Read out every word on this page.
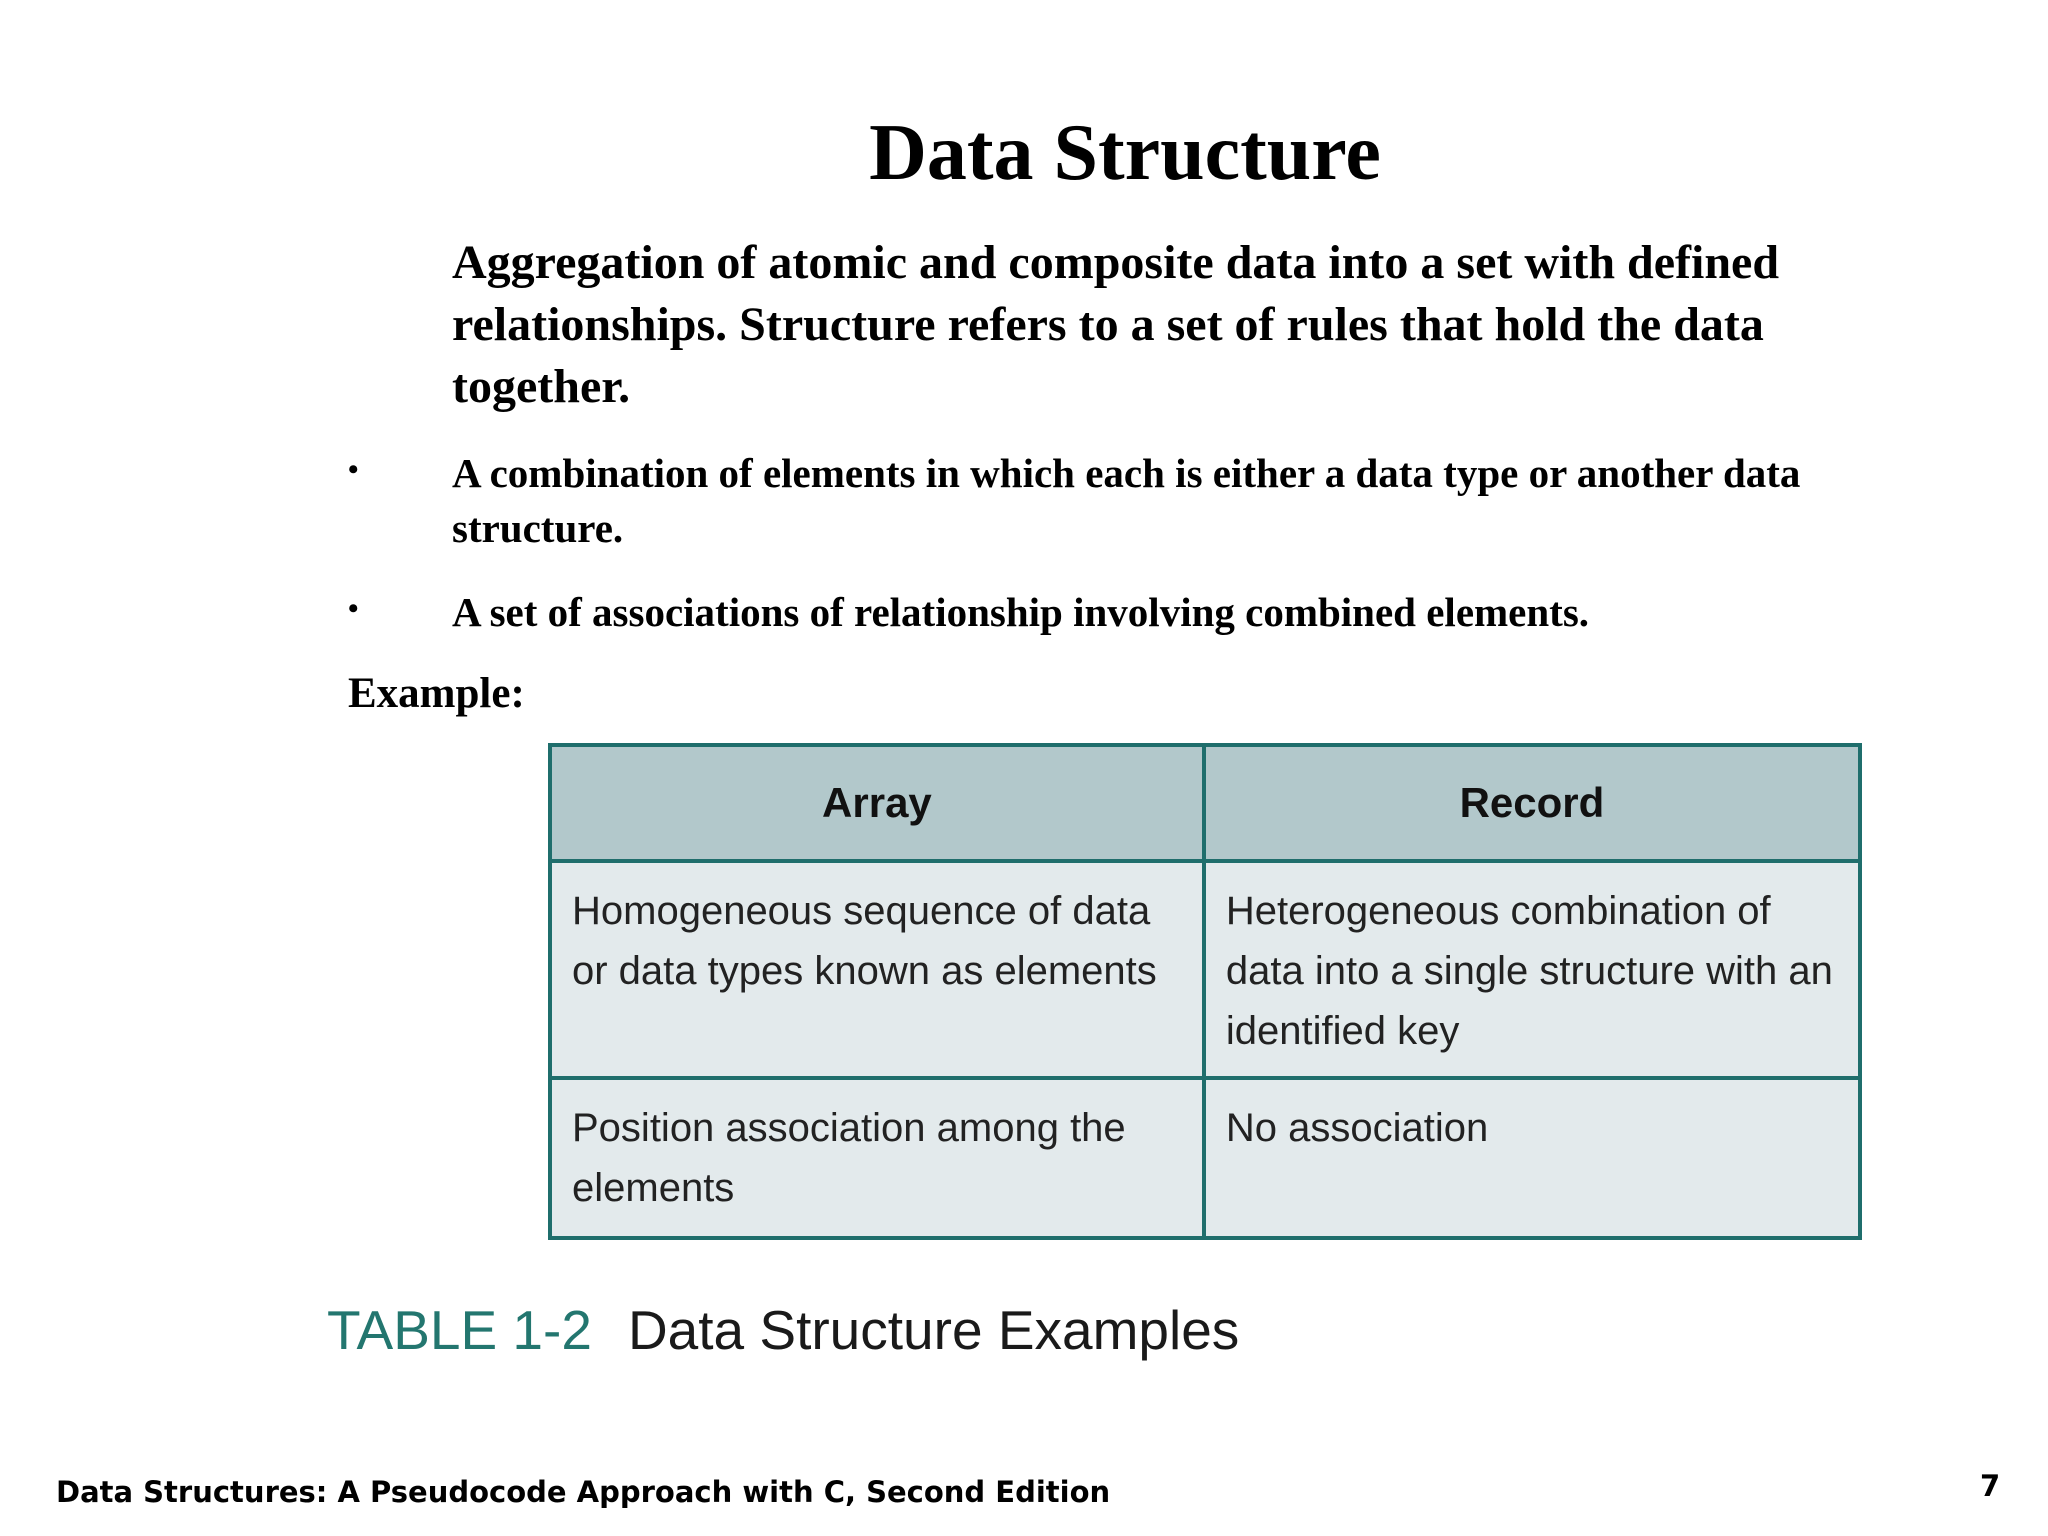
Data Structure
Aggregation of atomic and composite data into a set with defined relationships. Structure refers to a set of rules that hold the data together.
• A combination of elements in which each is either a data type or another data structure.
• A set of associations of relationship involving combined elements.
Example:
Array	Record
Homogeneous sequence of data or data types known as elements	Heterogeneous combination of data into a single structure with an identified key
Position association among the elements	No association
TABLE 1-2 Data Structure Examples
Data Structures: A Pseudocode Approach with C, Second Edition	7
